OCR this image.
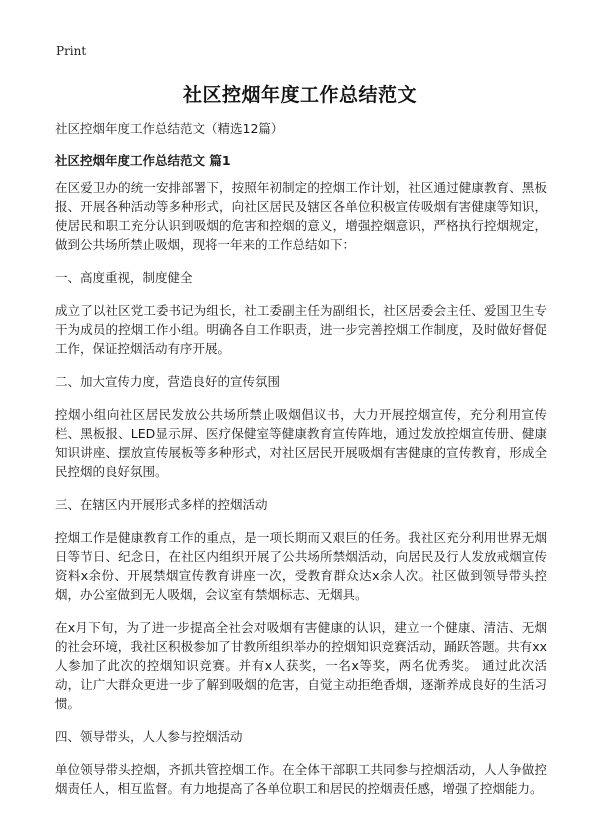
Print
社区控烟年度工作总结范文

社区控烟年度工作总结范文（精选12篇）

社区控烟年度工作总结范文 篇1

在区爱卫办的统一安排部署下，按照年初制定的控烟工作计划，社区通过健康教育、黑板报、开展各种活动等多种形式，向社区居民及辖区各单位积极宣传吸烟有害健康等知识，使居民和职工充分认识到吸烟的危害和控烟的意义，增强控烟意识，严格执行控烟规定，做到公共场所禁止吸烟，现将一年来的工作总结如下：

一、高度重视，制度健全

成立了以社区党工委书记为组长，社工委副主任为副组长，社区居委会主任、爱国卫生专干为成员的控烟工作小组。明确各自工作职责，进一步完善控烟工作制度，及时做好督促工作，保证控烟活动有序开展。

二、加大宣传力度，营造良好的宣传氛围

控烟小组向社区居民发放公共场所禁止吸烟倡议书，大力开展控烟宣传，充分利用宣传栏、黑板报、LED显示屏、医疗保健室等健康教育宣传阵地，通过发放控烟宣传册、健康知识讲座、摆放宣传展板等多种形式，对社区居民开展吸烟有害健康的宣传教育，形成全民控烟的良好氛围。

三、在辖区内开展形式多样的控烟活动

控烟工作是健康教育工作的重点，是一项长期而又艰巨的任务。我社区充分利用世界无烟日等节日、纪念日，在社区内组织开展了公共场所禁烟活动，向居民及行人发放戒烟宣传资料x余份、开展禁烟宣传教育讲座一次，受教育群众达x余人次。社区做到领导带头控烟，办公室做到无人吸烟，会议室有禁烟标志、无烟具。

在x月下旬，为了进一步提高全社会对吸烟有害健康的认识，建立一个健康、清洁、无烟的社会环境，我社区积极参加了甘教所组织举办的控烟知识竞赛活动，踊跃答题。共有xx人参加了此次的控烟知识竞赛。并有x人获奖，一名x等奖，两名优秀奖。 通过此次活动，让广大群众更进一步了解到吸烟的危害，自觉主动拒绝香烟，逐渐养成良好的生活习惯。

四、领导带头，人人参与控烟活动

单位领导带头控烟，齐抓共管控烟工作。在全体干部职工共同参与控烟活动，人人争做控烟责任人，相互监督。有力地提高了各单位职工和居民的控烟责任感，增强了控烟能力。
